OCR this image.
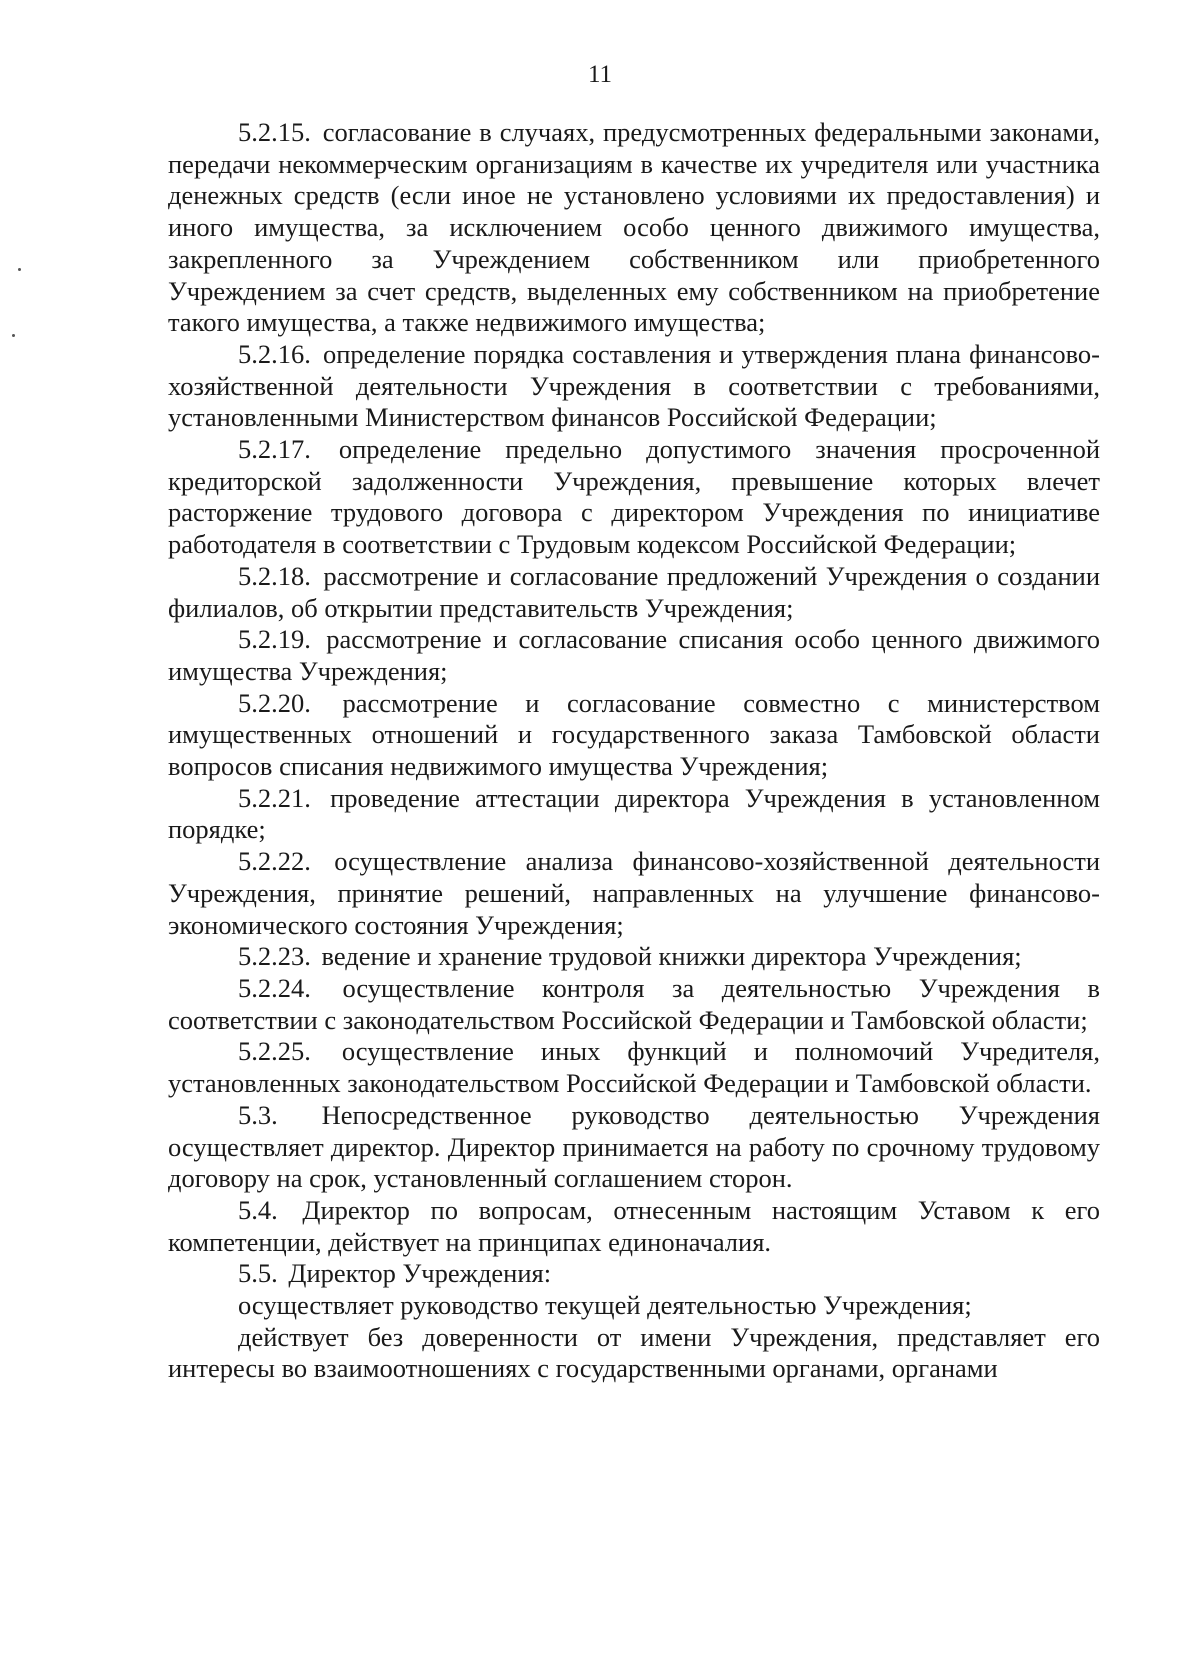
11

5.2.15. согласование в случаях, предусмотренных федеральными законами, передачи некоммерческим организациям в качестве их учредителя или участника денежных средств (если иное не установлено условиями их предоставления) и иного имущества, за исключением особо ценного движимого имущества, закрепленного за Учреждением собственником или приобретенного Учреждением за счет средств, выделенных ему собственником на приобретение такого имущества, а также недвижимого имущества;

5.2.16. определение порядка составления и утверждения плана финансово-хозяйственной деятельности Учреждения в соответствии с требованиями, установленными Министерством финансов Российской Федерации;

5.2.17. определение предельно допустимого значения просроченной кредиторской задолженности Учреждения, превышение которых влечет расторжение трудового договора с директором Учреждения по инициативе работодателя в соответствии с Трудовым кодексом Российской Федерации;

5.2.18. рассмотрение и согласование предложений Учреждения о создании филиалов, об открытии представительств Учреждения;

5.2.19. рассмотрение и согласование списания особо ценного движимого имущества Учреждения;

5.2.20. рассмотрение и согласование совместно с министерством имущественных отношений и государственного заказа Тамбовской области вопросов списания недвижимого имущества Учреждения;

5.2.21. проведение аттестации директора Учреждения в установленном порядке;

5.2.22. осуществление анализа финансово-хозяйственной деятельности Учреждения, принятие решений, направленных на улучшение финансово-экономического состояния Учреждения;

5.2.23. ведение и хранение трудовой книжки директора Учреждения;

5.2.24. осуществление контроля за деятельностью Учреждения в соответствии с законодательством Российской Федерации и Тамбовской области;

5.2.25. осуществление иных функций и полномочий Учредителя, установленных законодательством Российской Федерации и Тамбовской области.

5.3. Непосредственное руководство деятельностью Учреждения осуществляет директор. Директор принимается на работу по срочному трудовому договору на срок, установленный соглашением сторон.

5.4. Директор по вопросам, отнесенным настоящим Уставом к его компетенции, действует на принципах единоначалия.

5.5. Директор Учреждения:

осуществляет руководство текущей деятельностью Учреждения;

действует без доверенности от имени Учреждения, представляет его интересы во взаимоотношениях с государственными органами, органами
